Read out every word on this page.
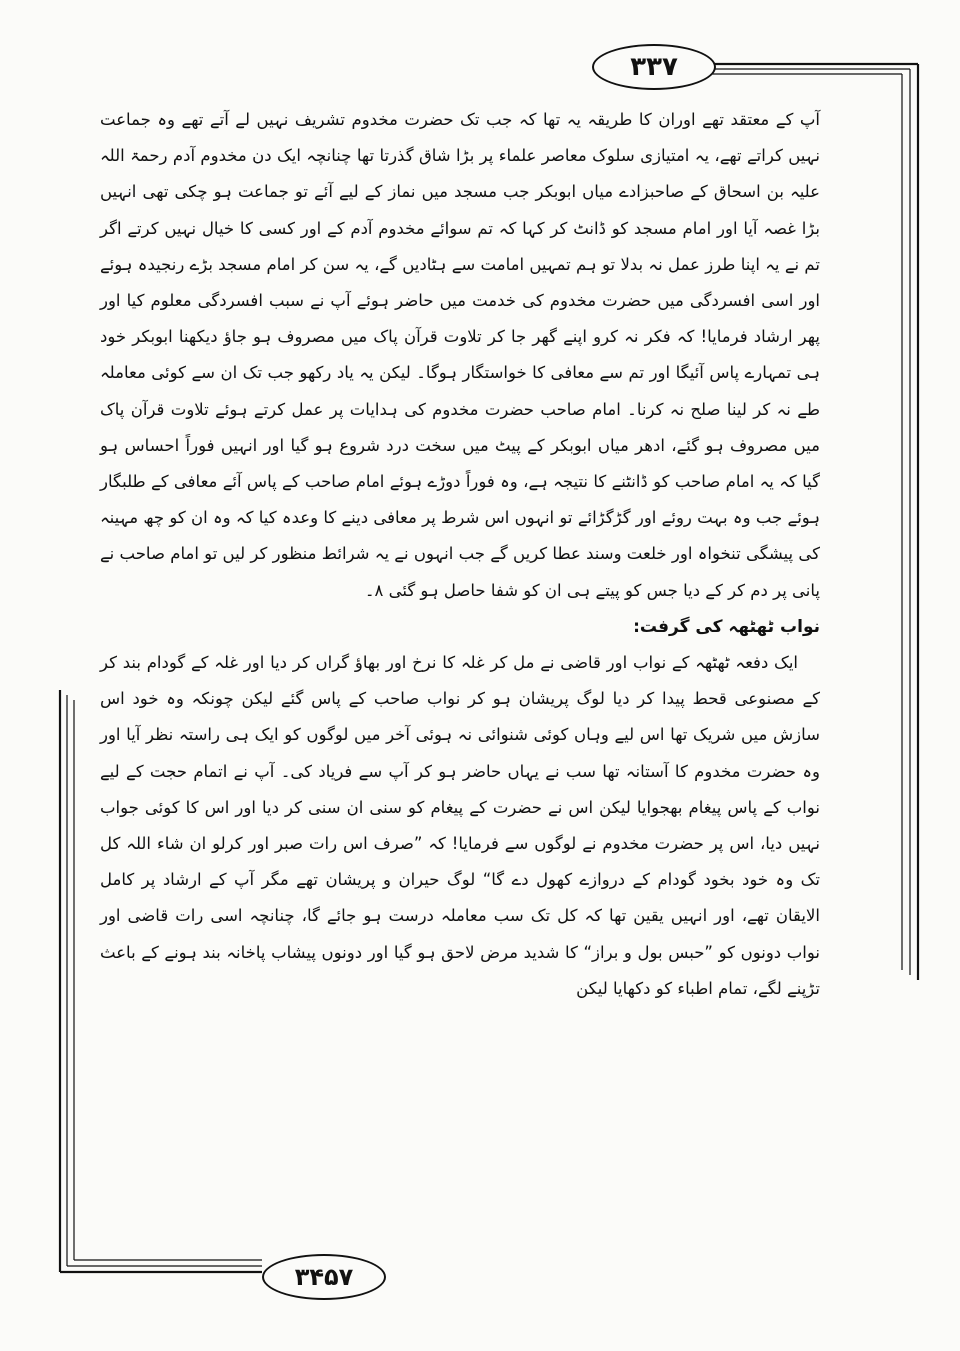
۳۳۷

آپ کے معتقد تھے اوران کا طریقہ یہ تھا کہ جب تک حضرت مخدوم تشریف نہیں لے آتے تھے وہ جماعت نہیں کراتے تھے، یہ امتیازی سلوک معاصر علماء پر بڑا شاق گذرتا تھا چنانچہ ایک دن مخدوم آدم رحمۃ اللہ علیہ بن اسحاق کے صاحبزادے میاں ابوبکر جب مسجد میں نماز کے لیے آئے تو جماعت ہو چکی تھی انہیں بڑا غصہ آیا اور امام مسجد کو ڈانٹ کر کہا کہ تم سوائے مخدوم آدم کے اور کسی کا خیال نہیں کرتے اگر تم نے یہ اپنا طرز عمل نہ بدلا تو ہم تمہیں امامت سے ہٹادیں گے، یہ سن کر امام مسجد بڑے رنجیدہ ہوئے اور اسی افسردگی میں حضرت مخدوم کی خدمت میں حاضر ہوئے آپ نے سبب افسردگی معلوم کیا اور پھر ارشاد فرمایا! کہ فکر نہ کرو اپنے گھر جا کر تلاوت قرآن پاک میں مصروف ہو جاؤ دیکھنا ابوبکر خود ہی تمہارے پاس آئیگا اور تم سے معافی کا خواستگار ہوگا۔ لیکن یہ یاد رکھو جب تک ان سے کوئی معاملہ طے نہ کر لینا صلح نہ کرنا۔ امام صاحب حضرت مخدوم کی ہدایات پر عمل کرتے ہوئے تلاوت قرآن پاک میں مصروف ہو گئے، ادھر میاں ابوبکر کے پیٹ میں سخت درد شروع ہو گیا اور انہیں فوراً احساس ہو گیا کہ یہ امام صاحب کو ڈانٹنے کا نتیجہ ہے، وہ فوراً دوڑے ہوئے امام صاحب کے پاس آئے معافی کے طلبگار ہوئے جب وہ بہت روئے اور گڑگڑائے تو انہوں اس شرط پر معافی دینے کا وعدہ کیا کہ وہ ان کو چھ مہینہ کی پیشگی تنخواہ اور خلعت وسند عطا کریں گے جب انہوں نے یہ شرائط منظور کر لیں تو امام صاحب نے پانی پر دم کر کے دیا جس کو پیتے ہی ان کو شفا حاصل ہو گئی ۸۔

نواب ٹھٹھہ کی گرفت:

ایک دفعہ ٹھٹھہ کے نواب اور قاضی نے مل کر غلہ کا نرخ اور بھاؤ گراں کر دیا اور غلہ کے گودام بند کر کے مصنوعی قحط پیدا کر دیا لوگ پریشان ہو کر نواب صاحب کے پاس گئے لیکن چونکہ وہ خود اس سازش میں شریک تھا اس لیے وہاں کوئی شنوائی نہ ہوئی آخر میں لوگوں کو ایک ہی راستہ نظر آیا اور وہ حضرت مخدوم کا آستانہ تھا سب نے یہاں حاضر ہو کر آپ سے فریاد کی۔ آپ نے اتمام حجت کے لیے نواب کے پاس پیغام بھجوایا لیکن اس نے حضرت کے پیغام کو سنی ان سنی کر دیا اور اس کا کوئی جواب نہیں دیا، اس پر حضرت مخدوم نے لوگوں سے فرمایا! کہ ”صرف اس رات صبر اور کرلو ان شاء اللہ کل تک وہ خود بخود گودام کے دروازے کھول دے گا“ لوگ حیران و پریشان تھے مگر آپ کے ارشاد پر کامل الایقان تھے، اور انہیں یقین تھا کہ کل تک سب معاملہ درست ہو جائے گا، چنانچہ اسی رات قاضی اور نواب دونوں کو ”حبس بول و براز“ کا شدید مرض لاحق ہو گیا اور دونوں پیشاب پاخانہ بند ہونے کے باعث تڑپنے لگے، تمام اطباء کو دکھایا لیکن

۳۴۵۷
